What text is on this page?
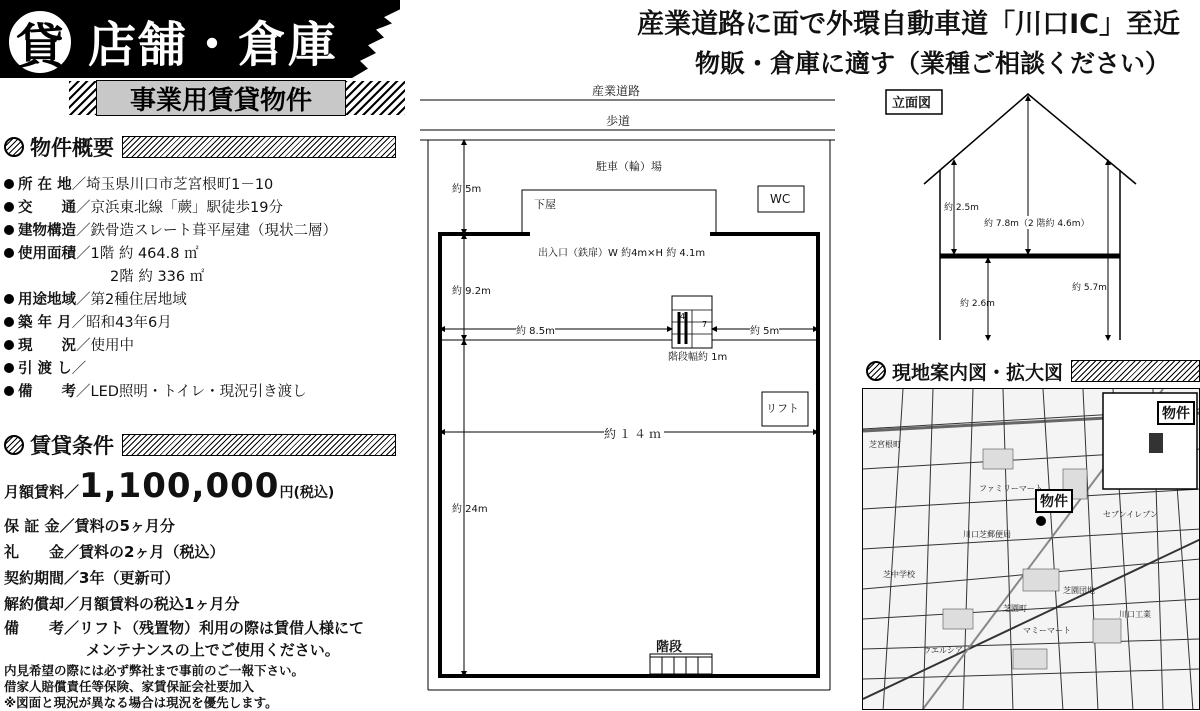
貸 店舗・倉庫
事業用賃貸物件
産業道路に面で外環自動車道「川口IC」至近
物販・倉庫に適す（業種ご相談ください）
物件概要
所 在 地／埼玉県川口市芝宮根町1－10
交　　通／京浜東北線「蕨」駅徒歩19分
建物構造／鉄骨造スレート葺平屋建（現状二層）
使用面積／1階 約 464.8 ㎡
2階 約 336 ㎡
用途地域／第2種住居地域
築 年 月／昭和43年6月
現　　況／使用中
引 渡 し／
備　　考／LED照明・トイレ・現況引き渡し
賃貸条件
月額賃料／1,100,000円(税込)
保 証 金／賃料の5ヶ月分
礼　　金／賃料の2ヶ月（税込）
契約期間／3年（更新可）
解約償却／月額賃料の税込1ヶ月分
備　　考／リフト（残置物）利用の際は賃借人様にて
メンテナンスの上でご使用ください。
内見希望の際には必ず弊社まで事前のご一報下さい。
借家人賠償責任等保険、家賃保証会社要加入
※図面と現況が異なる場合は現況を優先します。
産業道路
歩道
駐車（輪）場
下屋	WC
出入口（鉄扉）W 約4m×H 約 4.1m
約 5m
約 9.2m
約 8.5m	約 5m
4
7
階段幅約 1m
リフト
約１４ｍ
約 24m
階段
立面図
約 2.5m
約 7.8m（2 階約 4.6m）
約 2.6m
約 5.7m
現地案内図・拡大図
物件
物件
芝宮根町
芝園団地
川口芝郵便局
芝中学校
マミーマート
ファミリーマート
芝園町
川口工業
セブンイレブン
ウエルシア
